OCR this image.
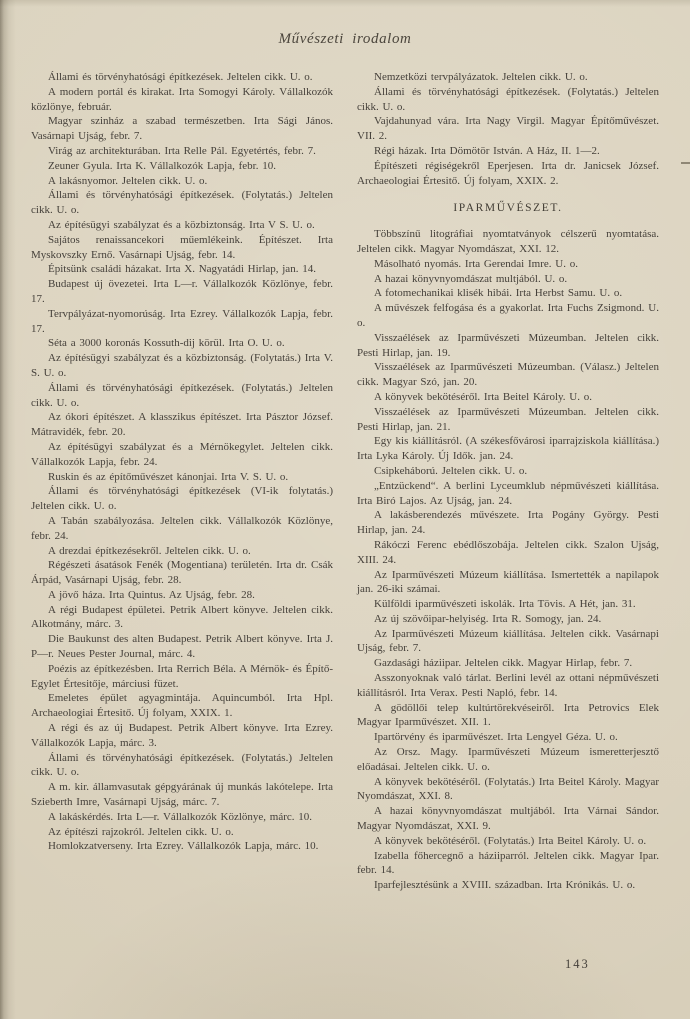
Művészeti irodalom

Állami és törvényhatósági építkezések. Jeltelen cikk. U. o.

A modern portál és kirakat. Irta Somogyi Károly. Vállalkozók közlönye, február.

Magyar szinház a szabad természetben. Irta Sági János. Vasárnapi Ujság, febr. 7.

Virág az architekturában. Irta Relle Pál. Egyetértés, febr. 7.

Zeuner Gyula. Irta K. Vállalkozók Lapja, febr. 10.

A lakásnyomor. Jeltelen cikk. U. o.

Állami és törvényhatósági építkezések. (Folytatás.) Jeltelen cikk. U. o.

Az építésügyi szabályzat és a közbiztonság. Irta V S. U. o.

Sajátos renaissancekori műemlékeink. Építészet. Irta Myskovszky Ernő. Vasárnapi Ujság, febr. 14.

Épitsünk családi házakat. Irta X. Nagyatádi Hirlap, jan. 14.

Budapest új övezetei. Irta L—r. Vállalkozók Közlönye, febr. 17.

Tervpályázat-nyomorúság. Irta Ezrey. Vállalkozók Lapja, febr. 17.

Séta a 3000 koronás Kossuth-dij körül. Irta O. U. o.

Az építésügyi szabályzat és a közbiztonság. (Folytatás.) Irta V. S. U. o.

Állami és törvényhatósági építkezések. (Folytatás.) Jeltelen cikk. U. o.

Az ókori építészet. A klasszikus építészet. Irta Pásztor József. Mátravidék, febr. 20.

Az építésügyi szabályzat és a Mérnökegylet. Jeltelen cikk. Vállalkozók Lapja, febr. 24.

Ruskin és az építőművészet kánonjai. Irta V. S. U. o.

Állami és törvényhatósági építkezések (VI-ik folytatás.) Jeltelen cikk. U. o.

A Tabán szabályozása. Jeltelen cikk. Vállalkozók Közlönye, febr. 24.

A drezdai építkezésekről. Jeltelen cikk. U. o.

Régészeti ásatások Fenék (Mogentiana) területén. Irta dr. Csák Árpád, Vasárnapi Ujság, febr. 28.

A jövő háza. Irta Quintus. Az Ujság, febr. 28.

A régi Budapest épületei. Petrik Albert könyve. Jeltelen cikk. Alkotmány, márc. 3.

Die Baukunst des alten Budapest. Petrik Albert könyve. Irta J. P—r. Neues Pester Journal, márc. 4.

Poézis az építkezésben. Irta Rerrich Béla. A Mérnök- és Építő-Egylet Értesitője, márciusi füzet.

Emeletes épület agyagmintája. Aquincumból. Irta Hpl. Archaeologiai Értesitő. Új folyam, XXIX. 1.

A régi és az új Budapest. Petrik Albert könyve. Irta Ezrey. Vállalkozók Lapja, márc. 3.

Állami és törvényhatósági építkezések. (Folytatás.) Jeltelen cikk. U. o.

A m. kir. államvasutak gépgyárának új munkás lakótelepe. Irta Szieberth Imre, Vasárnapi Ujság, márc. 7.

A lakáskérdés. Irta L—r. Vállalkozók Közlönye, márc. 10.

Az építészi rajzokról. Jeltelen cikk. U. o.

Homlokzatverseny. Irta Ezrey. Vállalkozók Lapja, márc. 10.

Nemzetközi tervpályázatok. Jeltelen cikk. U. o.

Állami és törvényhatósági építkezések. (Folytatás.) Jeltelen cikk. U. o.

Vajdahunyad vára. Irta Nagy Virgil. Magyar Építőművészet. VII. 2.

Régi házak. Irta Dömötör István. A Ház, II. 1—2.

Építészeti régiségekről Eperjesen. Irta dr. Janicsek József. Archaeologiai Értesitő. Új folyam, XXIX. 2.

IPARMŰVÉSZET.

Többszínű litográfiai nyomtatványok célszerű nyomtatása. Jeltelen cikk. Magyar Nyomdászat, XXI. 12.

Másolható nyomás. Irta Gerendai Imre. U. o.

A hazai könyvnyomdászat multjából. U. o.

A fotomechanikai klisék hibái. Irta Herbst Samu. U. o.

A művészek felfogása és a gyakorlat. Irta Fuchs Zsigmond. U. o.

Visszaélések az Iparművészeti Múzeumban. Jeltelen cikk. Pesti Hirlap, jan. 19.

Visszaélések az Iparművészeti Múzeumban. (Válasz.) Jeltelen cikk. Magyar Szó, jan. 20.

A könyvek bekötéséről. Irta Beitel Károly. U. o.

Visszaélések az Iparművészeti Múzeumban. Jeltelen cikk. Pesti Hirlap, jan. 21.

Egy kis kiállításról. (A székesfővárosi iparrajziskola kiállítása.) Irta Lyka Károly. Új Idők. jan. 24.

Csipkeháború. Jeltelen cikk. U. o.

„Entzückend“. A berlini Lyceumklub népművészeti kiállítása. Irta Biró Lajos. Az Ujság, jan. 24.

A lakásberendezés művészete. Irta Pogány György. Pesti Hirlap, jan. 24.

Rákóczi Ferenc ebédlőszobája. Jeltelen cikk. Szalon Ujság, XIII. 24.

Az Iparművészeti Múzeum kiállítása. Ismertették a napilapok jan. 26-iki számai.

Külföldi iparművészeti iskolák. Irta Tövis. A Hét, jan. 31.

Az új szövőipar-helyiség. Irta R. Somogy, jan. 24.

Az Iparművészeti Múzeum kiállítása. Jeltelen cikk. Vasárnapi Ujság, febr. 7.

Gazdasági háziipar. Jeltelen cikk. Magyar Hirlap, febr. 7.

Asszonyoknak való tárlat. Berlini levél az ottani népművészeti kiállításról. Irta Verax. Pesti Napló, febr. 14.

A gödöllői telep kultúrtörekvéseiről. Irta Petrovics Elek Magyar Iparművészet. XII. 1.

Ipartörvény és iparművészet. Irta Lengyel Géza. U. o.

Az Orsz. Magy. Iparművészeti Múzeum ismeretterjesztő előadásai. Jeltelen cikk. U. o.

A könyvek bekötéséről. (Folytatás.) Irta Beitel Károly. Magyar Nyomdászat, XXI. 8.

A hazai könyvnyomdászat multjából. Irta Várnai Sándor. Magyar Nyomdászat, XXI. 9.

A könyvek bekötéséről. (Folytatás.) Irta Beitel Károly. U. o.

Izabella főhercegnő a háziiparról. Jeltelen cikk. Magyar Ipar. febr. 14.

Iparfejlesztésünk a XVIII. században. Irta Krónikás. U. o.

143
